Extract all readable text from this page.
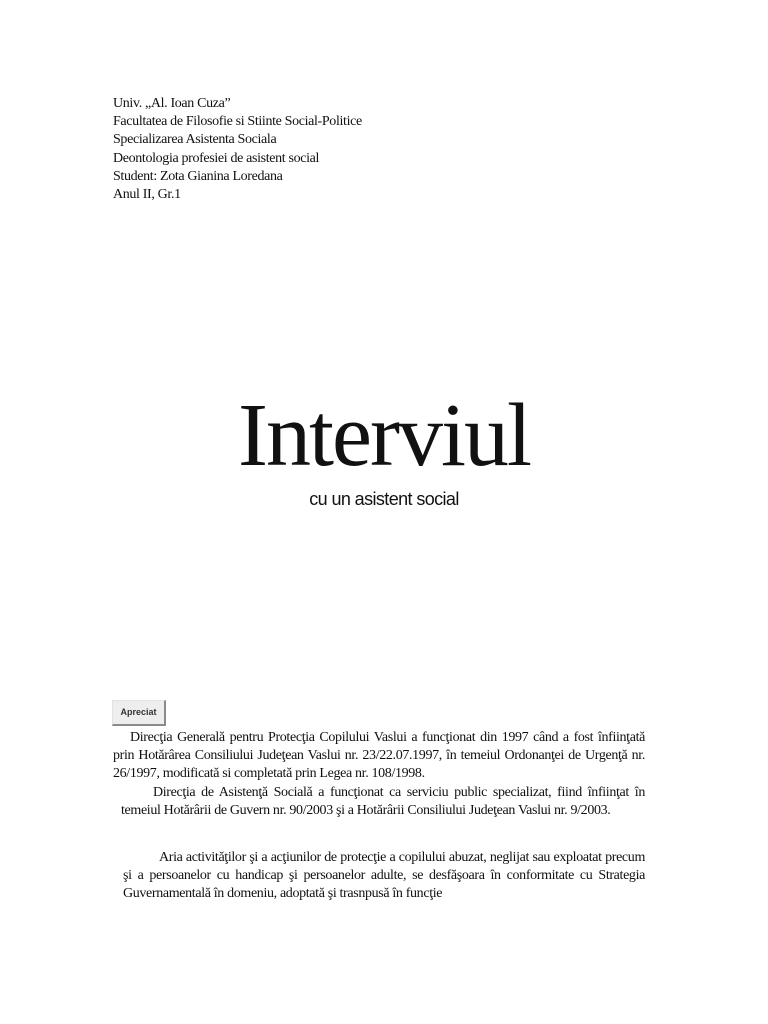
Univ. „Al. Ioan Cuza”
Facultatea de Filosofie si Stiinte Social-Politice
Specializarea Asistenta Sociala
Deontologia profesiei de asistent social
Student: Zota Gianina Loredana
Anul II, Gr.1
Interviul
cu un asistent social
Apreciat

Direcţia Generală pentru Protecţia Copilului Vaslui a funcţionat din 1997 când a fost înfiinţată prin Hotărârea Consiliului Judeţean Vaslui nr. 23/22.07.1997, în temeiul Ordonanţei de Urgenţă nr. 26/1997, modificată si completată prin Legea nr. 108/1998.

Direcţia de Asistenţă Socială a funcţionat ca serviciu public specializat, fiind înfiinţat în temeiul Hotărârii de Guvern nr. 90/2003 şi a Hotărârii Consiliului Judeţean Vaslui nr. 9/2003.

Aria activităţilor şi a acţiunilor de protecţie a copilului abuzat, neglijat sau exploatat precum şi a persoanelor cu handicap şi persoanelor adulte, se desfăşoara în conformitate cu Strategia Guvernamentală în domeniu, adoptată şi trasnpusă în funcţie
